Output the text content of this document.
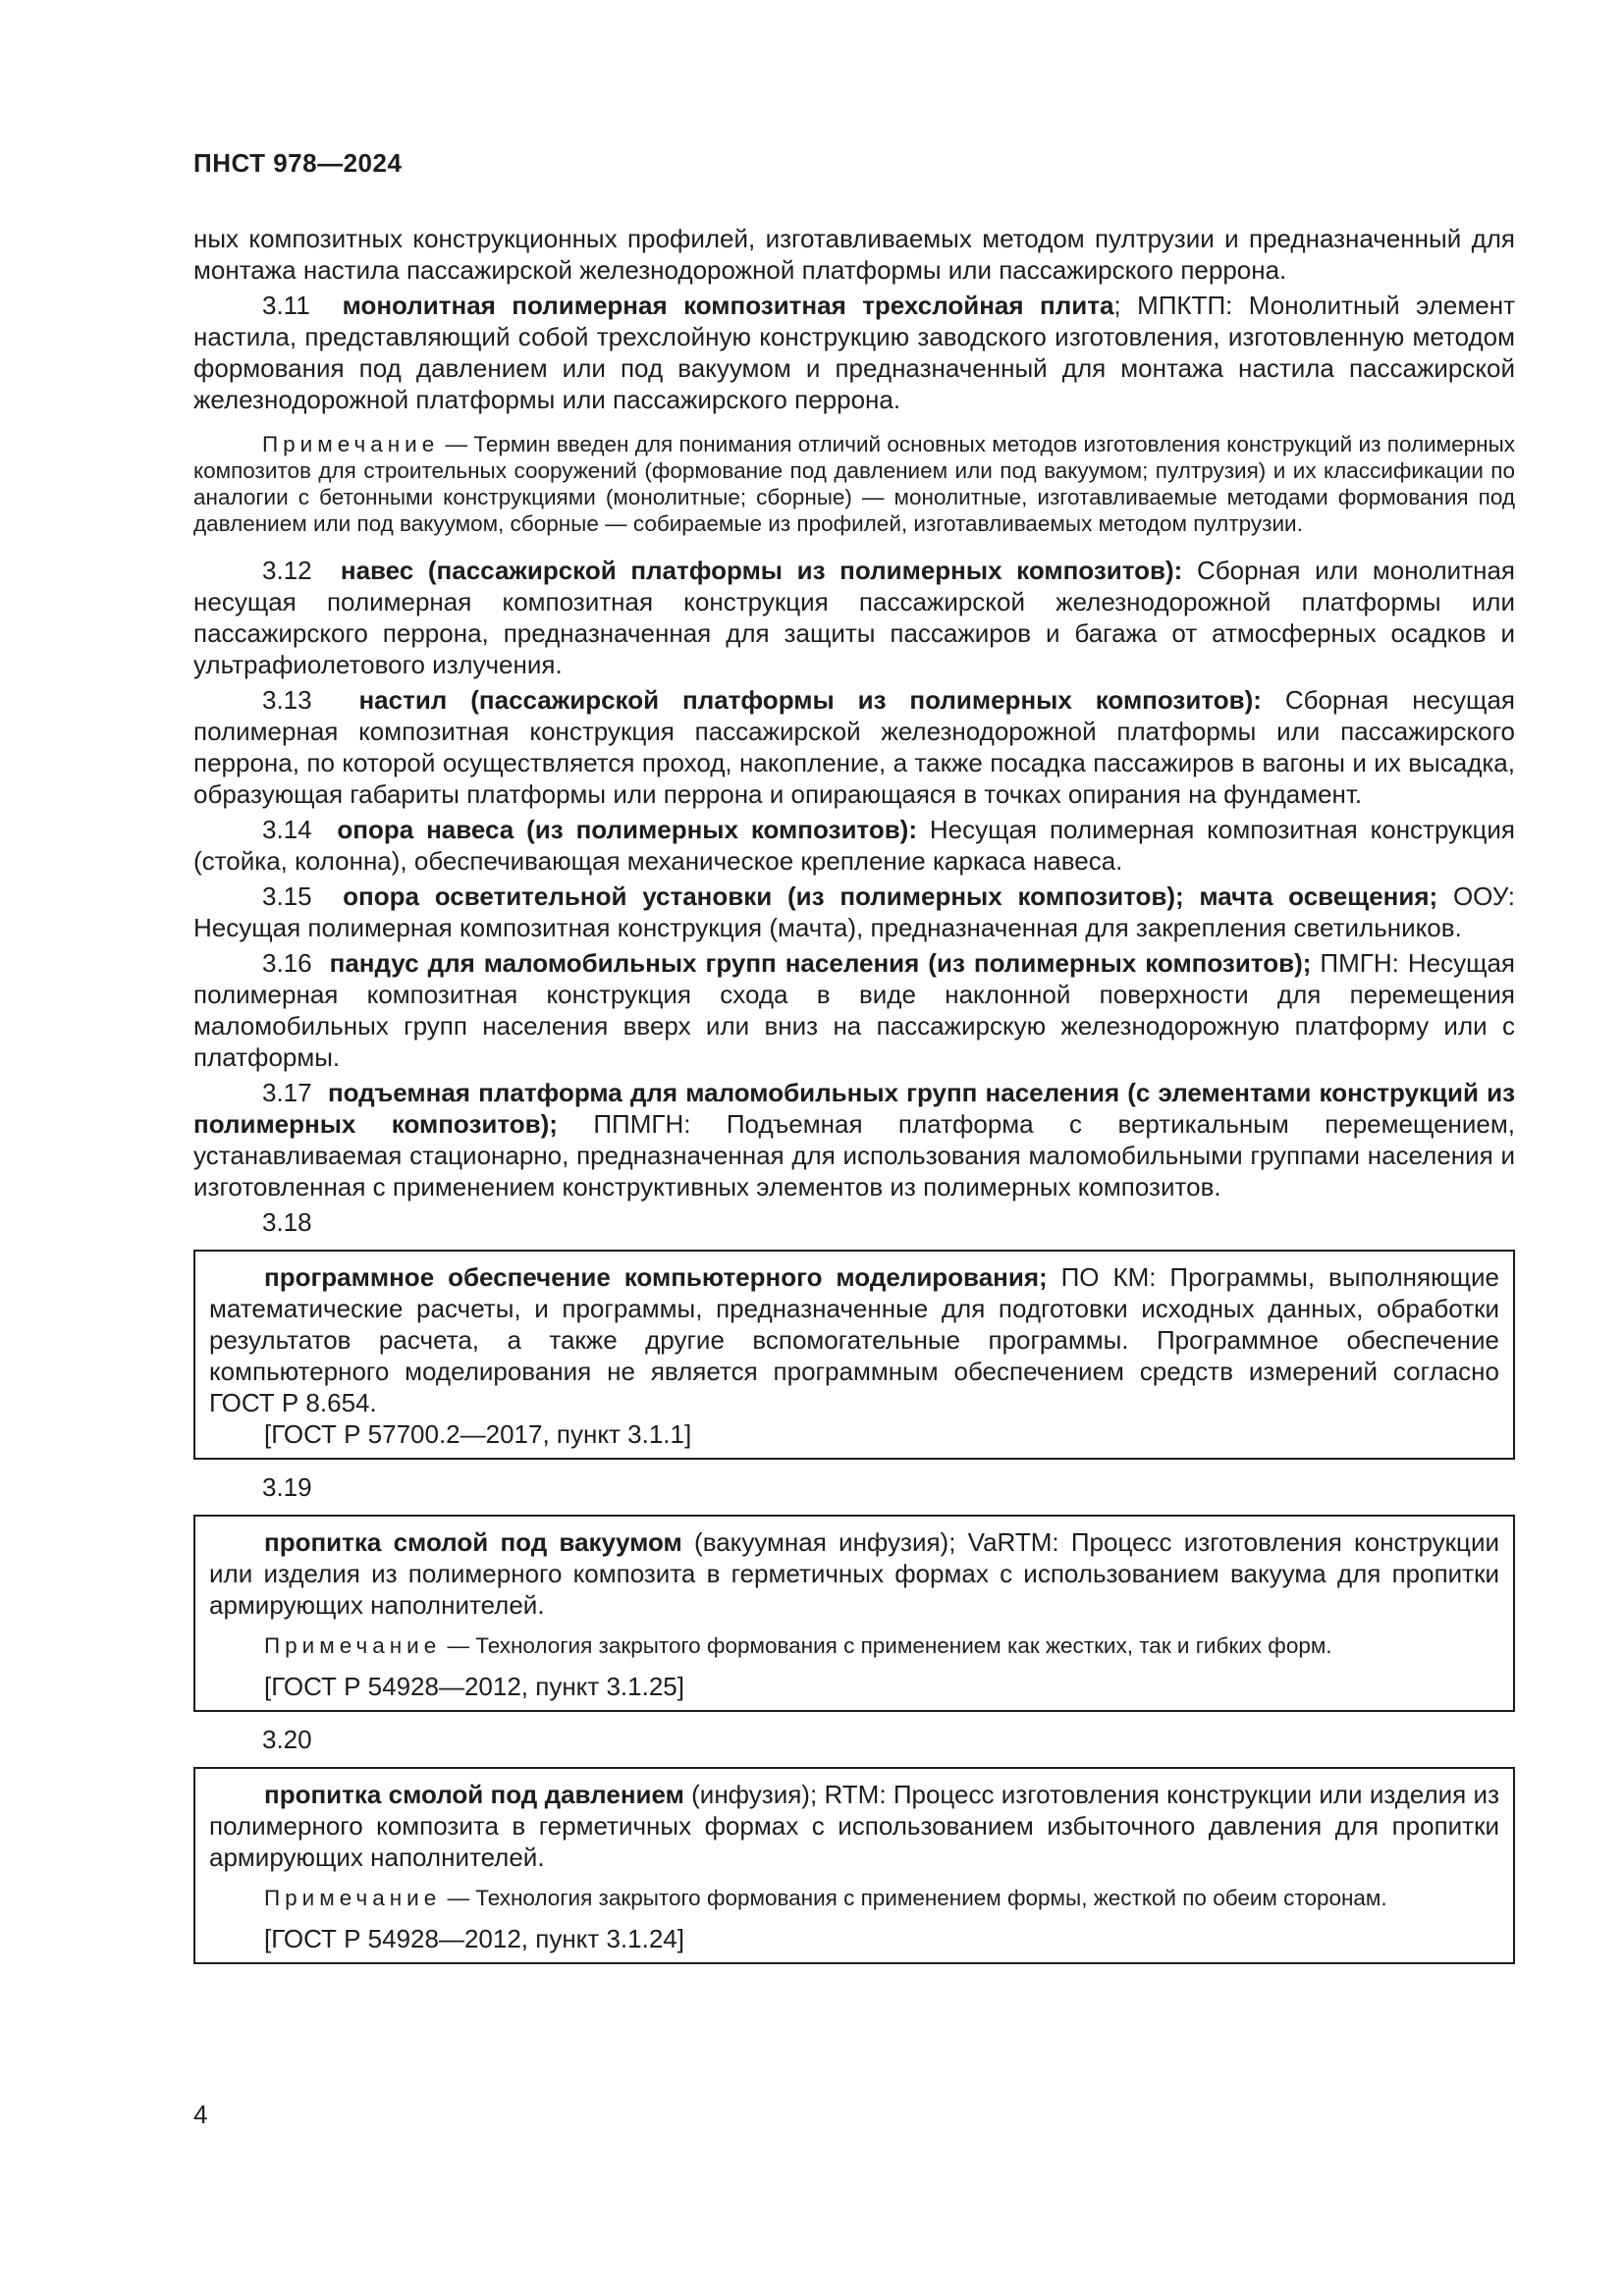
ПНСТ 978—2024

ных композитных конструкционных профилей, изготавливаемых методом пултрузии и предназначенный для монтажа настила пассажирской железнодорожной платформы или пассажирского перрона.

3.11 монолитная полимерная композитная трехслойная плита; МПКТП: Монолитный элемент настила, представляющий собой трехслойную конструкцию заводского изготовления, изготовленную методом формования под давлением или под вакуумом и предназначенный для монтажа настила пассажирской железнодорожной платформы или пассажирского перрона.

Примечание — Термин введен для понимания отличий основных методов изготовления конструкций из полимерных композитов для строительных сооружений (формование под давлением или под вакуумом; пултрузия) и их классификации по аналогии с бетонными конструкциями (монолитные; сборные) — монолитные, изготавливаемые методами формования под давлением или под вакуумом, сборные — собираемые из профилей, изготавливаемых методом пултрузии.

3.12 навес (пассажирской платформы из полимерных композитов): Сборная или монолитная несущая полимерная композитная конструкция пассажирской железнодорожной платформы или пассажирского перрона, предназначенная для защиты пассажиров и багажа от атмосферных осадков и ультрафиолетового излучения.

3.13 настил (пассажирской платформы из полимерных композитов): Сборная несущая полимерная композитная конструкция пассажирской железнодорожной платформы или пассажирского перрона, по которой осуществляется проход, накопление, а также посадка пассажиров в вагоны и их высадка, образующая габариты платформы или перрона и опирающаяся в точках опирания на фундамент.

3.14 опора навеса (из полимерных композитов): Несущая полимерная композитная конструкция (стойка, колонна), обеспечивающая механическое крепление каркаса навеса.

3.15 опора осветительной установки (из полимерных композитов); мачта освещения; ООУ: Несущая полимерная композитная конструкция (мачта), предназначенная для закрепления светильников.

3.16 пандус для маломобильных групп населения (из полимерных композитов); ПМГН: Несущая полимерная композитная конструкция схода в виде наклонной поверхности для перемещения маломобильных групп населения вверх или вниз на пассажирскую железнодорожную платформу или с платформы.

3.17 подъемная платформа для маломобильных групп населения (с элементами конструкций из полимерных композитов); ППМГН: Подъемная платформа с вертикальным перемещением, устанавливаемая стационарно, предназначенная для использования маломобильными группами населения и изготовленная с применением конструктивных элементов из полимерных композитов.

3.18

программное обеспечение компьютерного моделирования; ПО КМ: Программы, выполняющие математические расчеты, и программы, предназначенные для подготовки исходных данных, обработки результатов расчета, а также другие вспомогательные программы. Программное обеспечение компьютерного моделирования не является программным обеспечением средств измерений согласно ГОСТ Р 8.654.

[ГОСТ Р 57700.2—2017, пункт 3.1.1]

3.19

пропитка смолой под вакуумом (вакуумная инфузия); VaRTM: Процесс изготовления конструкции или изделия из полимерного композита в герметичных формах с использованием вакуума для пропитки армирующих наполнителей.

Примечание — Технология закрытого формования с применением как жестких, так и гибких форм.

[ГОСТ Р 54928—2012, пункт 3.1.25]

3.20

пропитка смолой под давлением (инфузия); RTM: Процесс изготовления конструкции или изделия из полимерного композита в герметичных формах с использованием избыточного давления для пропитки армирующих наполнителей.

Примечание — Технология закрытого формования с применением формы, жесткой по обеим сторонам.

[ГОСТ Р 54928—2012, пункт 3.1.24]

4
